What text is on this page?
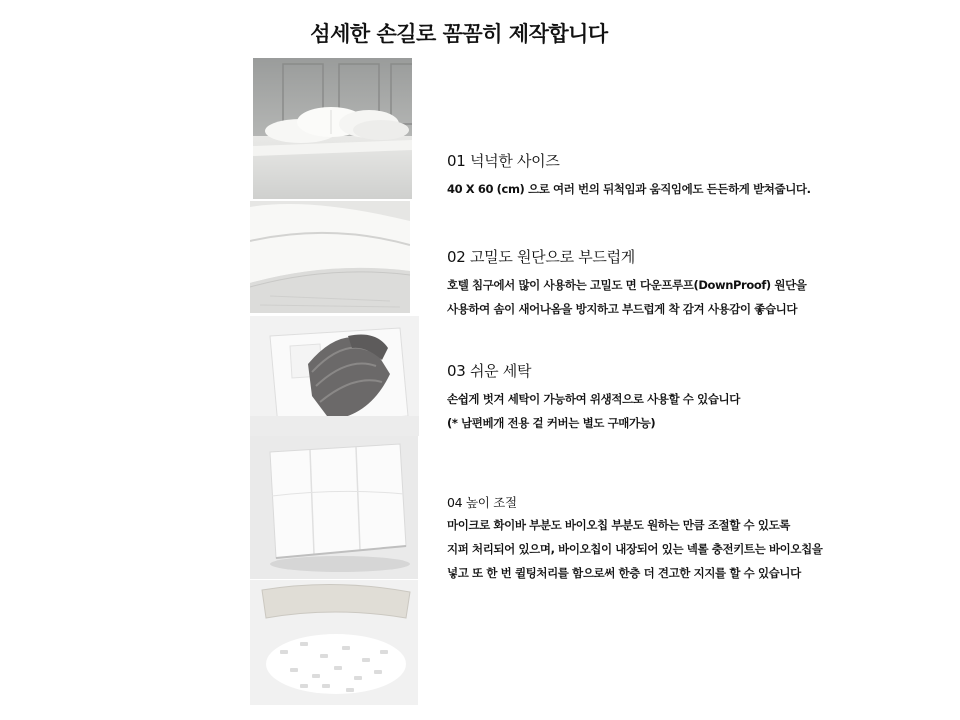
섬세한 손길로 꼼꼼히 제작합니다
01 넉넉한 사이즈
40 X 60 (cm) 으로 여러 번의 뒤척임과 움직임에도 든든하게 받쳐줍니다.
02 고밀도 원단으로 부드럽게
호텔 침구에서 많이 사용하는 고밀도 면 다운프루프(DownProof) 원단을
사용하여 솜이 새어나옴을 방지하고 부드럽게 착 감겨 사용감이 좋습니다
03 쉬운 세탁
손쉽게 벗겨 세탁이 가능하여 위생적으로 사용할 수 있습니다
(* 남편베개 전용 겉 커버는 별도 구매가능)
04 높이 조절
마이크로 화이바 부분도 바이오칩 부분도 원하는 만큼 조절할 수 있도록
지퍼 처리되어 있으며, 바이오칩이 내장되어 있는 넥롤 충전키트는 바이오칩을
넣고 또 한 번 퀼팅처리를 함으로써 한층 더 견고한 지지를 할 수 있습니다
